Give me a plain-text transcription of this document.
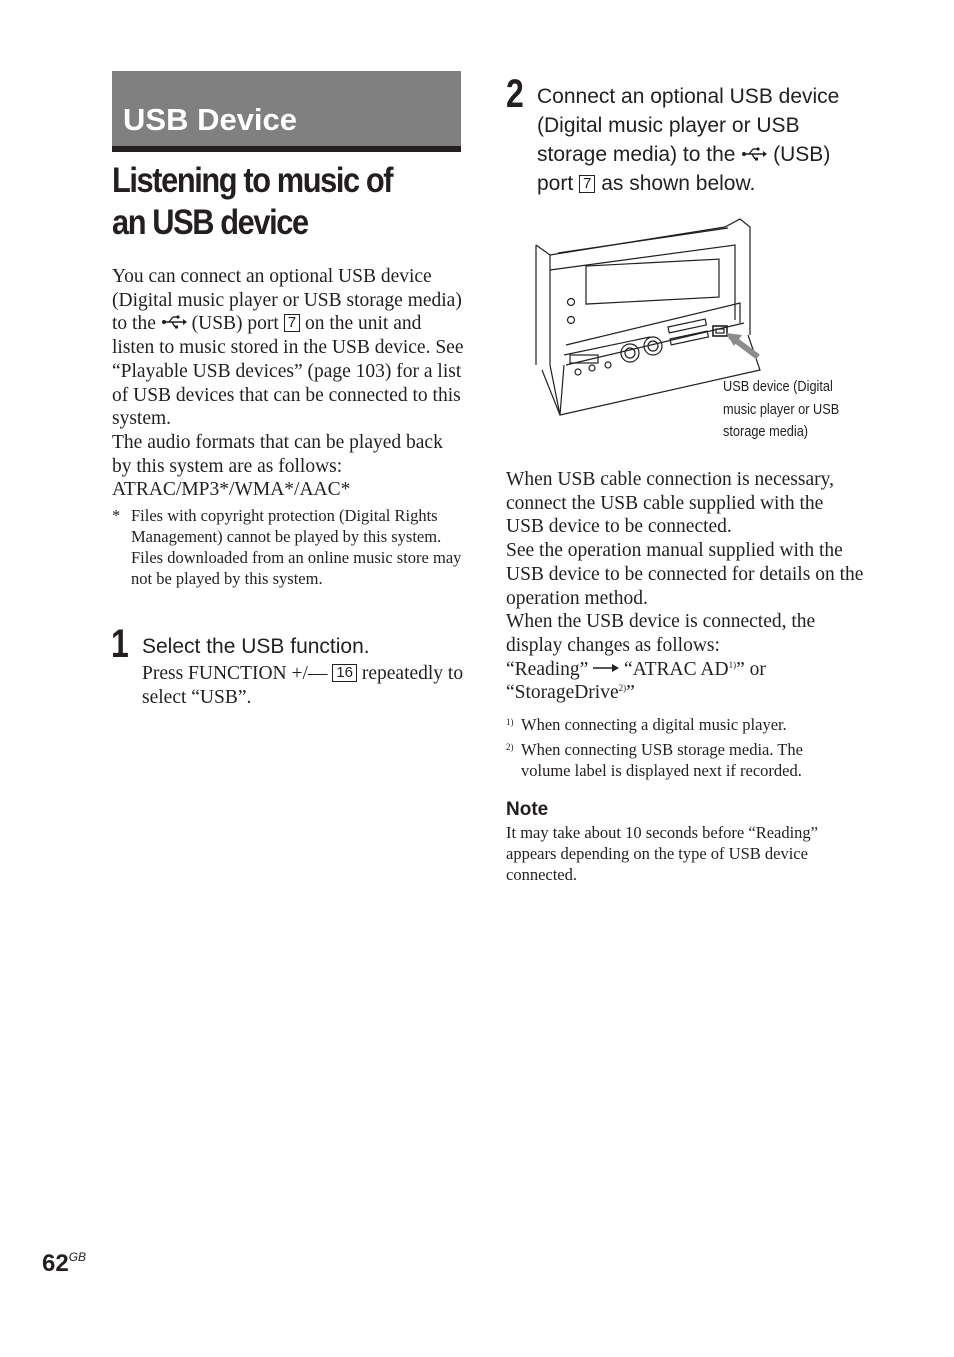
USB Device
Listening to music of
an USB device

You can connect an optional USB device (Digital music player or USB storage media) to the (USB) port 7 on the unit and listen to music stored in the USB device. See “Playable USB devices” (page 103) for a list of USB devices that can be connected to this system.

The audio formats that can be played back by this system are as follows:

ATRAC/MP3*/WMA*/AAC*

* Files with copyright protection (Digital Rights Management) cannot be played by this system.
Files downloaded from an online music store may not be played by this system.
1 Select the USB function.
Press FUNCTION +/— 16 repeatedly to select “USB”.
2 Connect an optional USB device (Digital music player or USB storage media) to the (USB) port 7 as shown below.
USB device (Digital music player or USB storage media)

When USB cable connection is necessary, connect the USB cable supplied with the USB device to be connected.

See the operation manual supplied with the USB device to be connected for details on the operation method.

When the USB device is connected, the display changes as follows:
“Reading” “ATRAC AD$^{1)}$” or
“StorageDrive$^{2)}$”

1) When connecting a digital music player.
2) When connecting USB storage media. The volume label is displayed next if recorded.
Note
It may take about 10 seconds before “Reading” appears depending on the type of USB device connected.
$62^{GB}$
